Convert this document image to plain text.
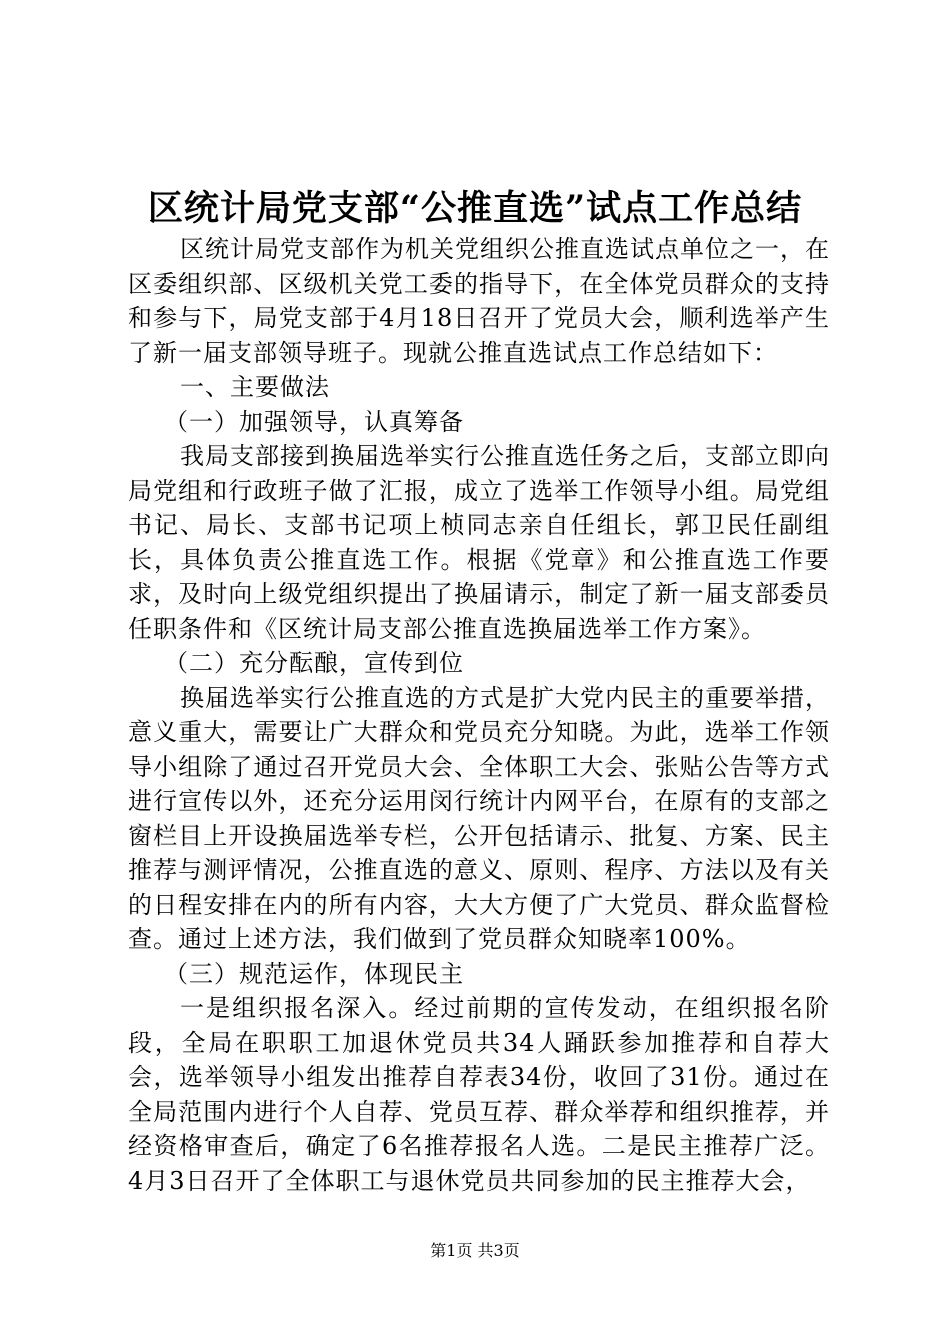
区统计局党支部“公推直选”试点工作总结

区统计局党支部作为机关党组织公推直选试点单位之一，在区委组织部、区级机关党工委的指导下，在全体党员群众的支持和参与下，局党支部于4月18日召开了党员大会，顺利选举产生了新一届支部领导班子。现就公推直选试点工作总结如下：

一、主要做法

（一）加强领导，认真筹备

我局支部接到换届选举实行公推直选任务之后，支部立即向局党组和行政班子做了汇报，成立了选举工作领导小组。局党组书记、局长、支部书记项上桢同志亲自任组长，郭卫民任副组长，具体负责公推直选工作。根据《党章》和公推直选工作要求，及时向上级党组织提出了换届请示，制定了新一届支部委员任职条件和《区统计局支部公推直选换届选举工作方案》。

（二）充分酝酿，宣传到位

换届选举实行公推直选的方式是扩大党内民主的重要举措，意义重大，需要让广大群众和党员充分知晓。为此，选举工作领导小组除了通过召开党员大会、全体职工大会、张贴公告等方式进行宣传以外，还充分运用闵行统计内网平台，在原有的支部之窗栏目上开设换届选举专栏，公开包括请示、批复、方案、民主推荐与测评情况，公推直选的意义、原则、程序、方法以及有关的日程安排在内的所有内容，大大方便了广大党员、群众监督检查。通过上述方法，我们做到了党员群众知晓率100%。

（三）规范运作，体现民主

一是组织报名深入。经过前期的宣传发动，在组织报名阶段，全局在职职工加退休党员共34人踊跃参加推荐和自荐大会，选举领导小组发出推荐自荐表34份，收回了31份。通过在全局范围内进行个人自荐、党员互荐、群众举荐和组织推荐，并经资格审查后，确定了6名推荐报名人选。二是民主推荐广泛。4月3日召开了全体职工与退休党员共同参加的民主推荐大会，

第1页 共3页
